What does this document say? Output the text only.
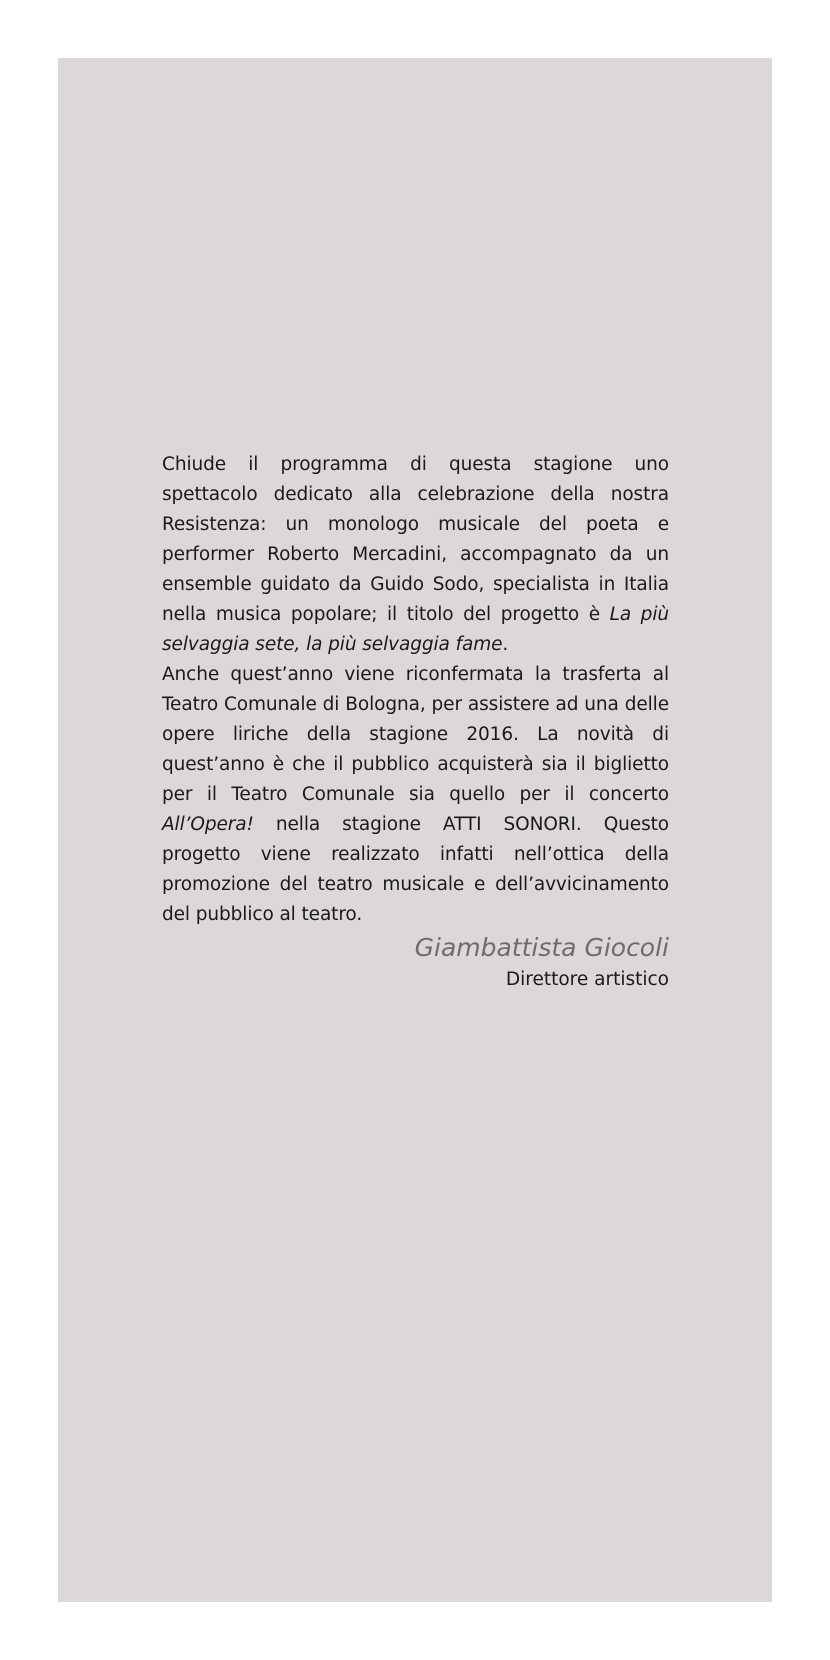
Chiude il programma di questa stagione uno spettacolo dedicato alla celebrazione della nostra Resistenza: un monologo musicale del poeta e performer Roberto Mercadini, accompagnato da un ensemble guidato da Guido Sodo, specialista in Italia nella musica popolare; il titolo del progetto è La più selvaggia sete, la più selvaggia fame.

Anche quest’anno viene riconfermata la trasferta al Teatro Comunale di Bologna, per assistere ad una delle opere liriche della stagione 2016. La novità di quest’anno è che il pubblico acquisterà sia il biglietto per il Teatro Comunale sia quello per il concerto All’Opera! nella stagione ATTI SONORI. Questo progetto viene realizzato infatti nell’ottica della promozione del teatro musicale e dell’avvicinamento del pubblico al teatro.

Giambattista Giocoli
Direttore artistico
